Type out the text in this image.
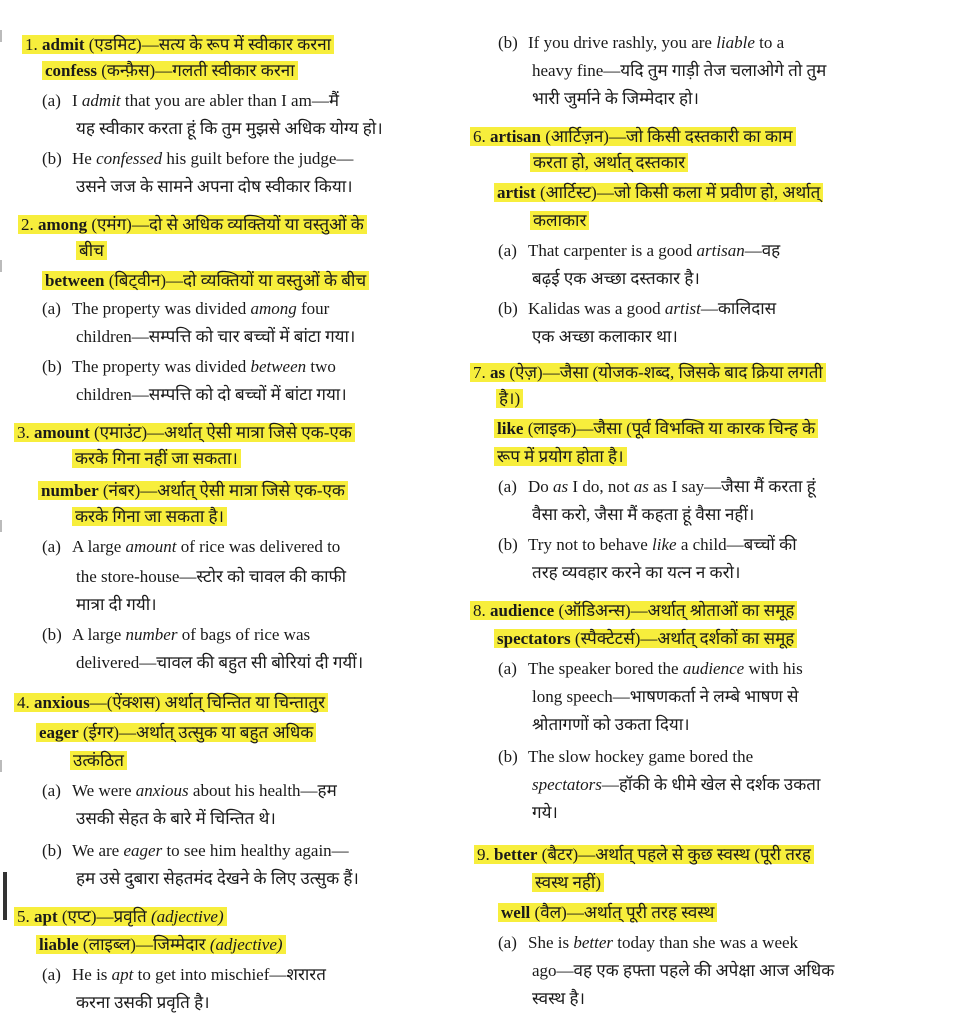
1. admit (एडमिट)—सत्य के रूप में स्वीकार करना
confess (कन्फ़ैस)—गलती स्वीकार करना
(a) I admit that you are abler than I am—मैं
यह स्वीकार करता हूं कि तुम मुझसे अधिक योग्य हो।
(b) He confessed his guilt before the judge—
उसने जज के सामने अपना दोष स्वीकार किया।
2. among (एमंग)—दो से अधिक व्यक्तियों या वस्तुओं के
बीच
between (बिट्वीन)—दो व्यक्तियों या वस्तुओं के बीच
(a) The property was divided among four
children—सम्पत्ति को चार बच्चों में बांटा गया।
(b) The property was divided between two
children—सम्पत्ति को दो बच्चों में बांटा गया।
3. amount (एमाउंट)—अर्थात् ऐसी मात्रा जिसे एक-एक
करके गिना नहीं जा सकता।
number (नंबर)—अर्थात् ऐसी मात्रा जिसे एक-एक
करके गिना जा सकता है।
(a) A large amount of rice was delivered to
the store-house—स्टोर को चावल की काफी
मात्रा दी गयी।
(b) A large number of bags of rice was
delivered—चावल की बहुत सी बोरियां दी गयीं।
4. anxious—(ऐंक्शस) अर्थात् चिन्तित या चिन्तातुर
eager (ईगर)—अर्थात् उत्सुक या बहुत अधिक
उत्कंठित
(a) We were anxious about his health—हम
उसकी सेहत के बारे में चिन्तित थे।
(b) We are eager to see him healthy again—
हम उसे दुबारा सेहतमंद देखने के लिए उत्सुक हैं।
5. apt (एप्ट)—प्रवृति (adjective)
liable (लाइब्ल)—जिम्मेदार (adjective)
(a) He is apt to get into mischief—शरारत
करना उसकी प्रवृति है।
(b) If you drive rashly, you are liable to a
heavy fine—यदि तुम गाड़ी तेज चलाओगे तो तुम
भारी जुर्माने के जिम्मेदार हो।
6. artisan (आर्टिज़न)—जो किसी दस्तकारी का काम
करता हो, अर्थात् दस्तकार
artist (आर्टिस्ट)—जो किसी कला में प्रवीण हो, अर्थात्
कलाकार
(a) That carpenter is a good artisan—वह
बढ़ई एक अच्छा दस्तकार है।
(b) Kalidas was a good artist—कालिदास
एक अच्छा कलाकार था।
7. as (ऐज़)—जैसा (योजक-शब्द, जिसके बाद क्रिया लगती
है।)
like (लाइक)—जैसा (पूर्व विभक्ति या कारक चिन्ह के
रूप में प्रयोग होता है।
(a) Do as I do, not as as I say—जैसा मैं करता हूं
वैसा करो, जैसा मैं कहता हूं वैसा नहीं।
(b) Try not to behave like a child—बच्चों की
तरह व्यवहार करने का यत्न न करो।
8. audience (ऑडिअन्स)—अर्थात् श्रोताओं का समूह
spectators (स्पैक्टेटर्स)—अर्थात् दर्शकों का समूह
(a) The speaker bored the audience with his
long speech—भाषणकर्ता ने लम्बे भाषण से
श्रोतागणों को उकता दिया।
(b) The slow hockey game bored the
spectators—हॉकी के धीमे खेल से दर्शक उकता
गये।
9. better (बैटर)—अर्थात् पहले से कुछ स्वस्थ (पूरी तरह
स्वस्थ नहीं)
well (वैल)—अर्थात् पूरी तरह स्वस्थ
(a) She is better today than she was a week
ago—वह एक हफ्ता पहले की अपेक्षा आज अधिक
स्वस्थ है।
